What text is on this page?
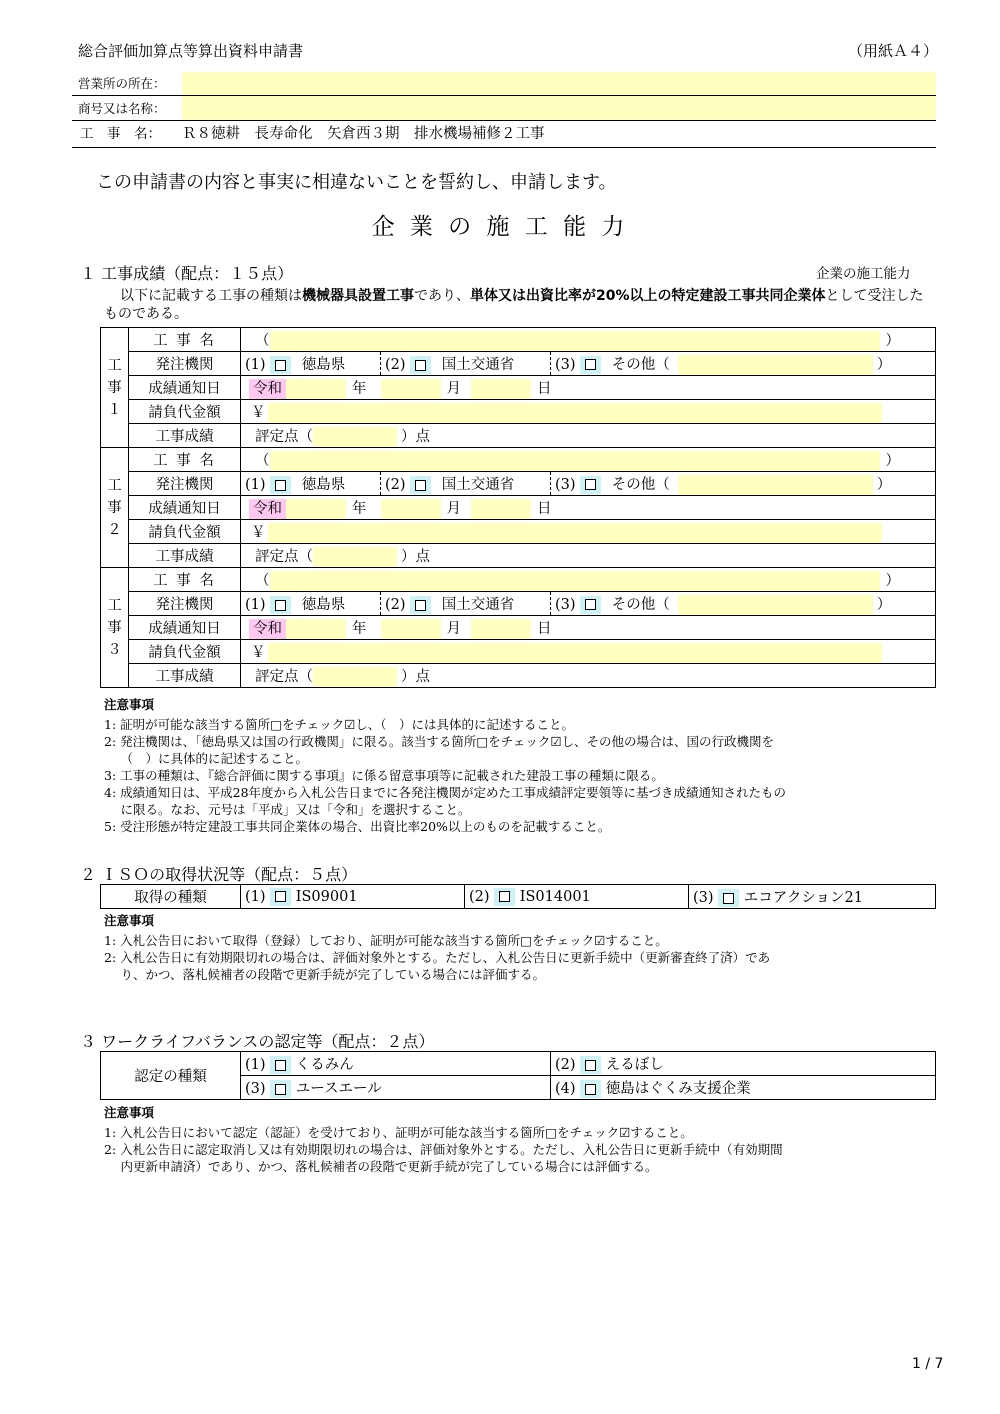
総合評価加算点等算出資料申請書	（用紙Ａ４）
営業所の所在：
商号又は名称：
工　事　名：	Ｒ８徳耕　長寿命化　矢倉西３期　排水機場補修２工事
この申請書の内容と事実に相違ないことを誓約し、申請します。
企 業 の 施 工 能 力
１ 工事成績（配点：１５点）	企業の施工能力
以下に記載する工事の種類は機械器具設置工事であり、単体又は出資比率が20%以上の特定建設工事共同企業体として受注したものである。
工
事
１	工 事 名	（ ）		
	発注機関	(1) 徳島県	(2) 国土交通省	(3) その他（ ）
	成績通知日	令和 年 月 日		
	請負代金額	￥		
	工事成績	評定点（ ）点		
工
事
２	工 事 名	（ ）		
	発注機関	(1) 徳島県	(2) 国土交通省	(3) その他（ ）
	成績通知日	令和 年 月 日		
	請負代金額	￥		
	工事成績	評定点（ ）点		
工
事
３	工 事 名	（ ）		
	発注機関	(1) 徳島県	(2) 国土交通省	(3) その他（ ）
	成績通知日	令和 年 月 日		
	請負代金額	￥		
	工事成績	評定点（ ）点		
注意事項
1: 証明が可能な該当する箇所□をチェック☑し、（　）には具体的に記述すること。
2: 発注機関は、「徳島県又は国の行政機関」に限る。該当する箇所□をチェック☑し、その他の場合は、国の行政機関を
　 （　）に具体的に記述すること。
3: 工事の種類は、『総合評価に関する事項』に係る留意事項等に記載された建設工事の種類に限る。
4: 成績通知日は、平成28年度から入札公告日までに各発注機関が定めた工事成績評定要領等に基づき成績通知されたもの
　 に限る。なお、元号は「平成」又は「令和」を選択すること。
5: 受注形態が特定建設工事共同企業体の場合、出資比率20%以上のものを記載すること。
２ ＩＳＯの取得状況等（配点：５点）
取得の種類	(1) IS09001	(2) IS014001	(3) エコアクション21
注意事項
1: 入札公告日において取得（登録）しており、証明が可能な該当する箇所□をチェック☑すること。
2: 入札公告日に有効期限切れの場合は、評価対象外とする。ただし、入札公告日に更新手続中（更新審査終了済）であ
　 り、かつ、落札候補者の段階で更新手続が完了している場合には評価する。
３ ワークライフバランスの認定等（配点：２点）
認定の種類	(1) くるみん	(2) えるぼし
	(3) ユースエール	(4) 徳島はぐくみ支援企業
注意事項
1: 入札公告日において認定（認証）を受けており、証明が可能な該当する箇所□をチェック☑すること。
2: 入札公告日に認定取消し又は有効期限切れの場合は、評価対象外とする。ただし、入札公告日に更新手続中（有効期間
　 内更新申請済）であり、かつ、落札候補者の段階で更新手続が完了している場合には評価する。
1 / 7
